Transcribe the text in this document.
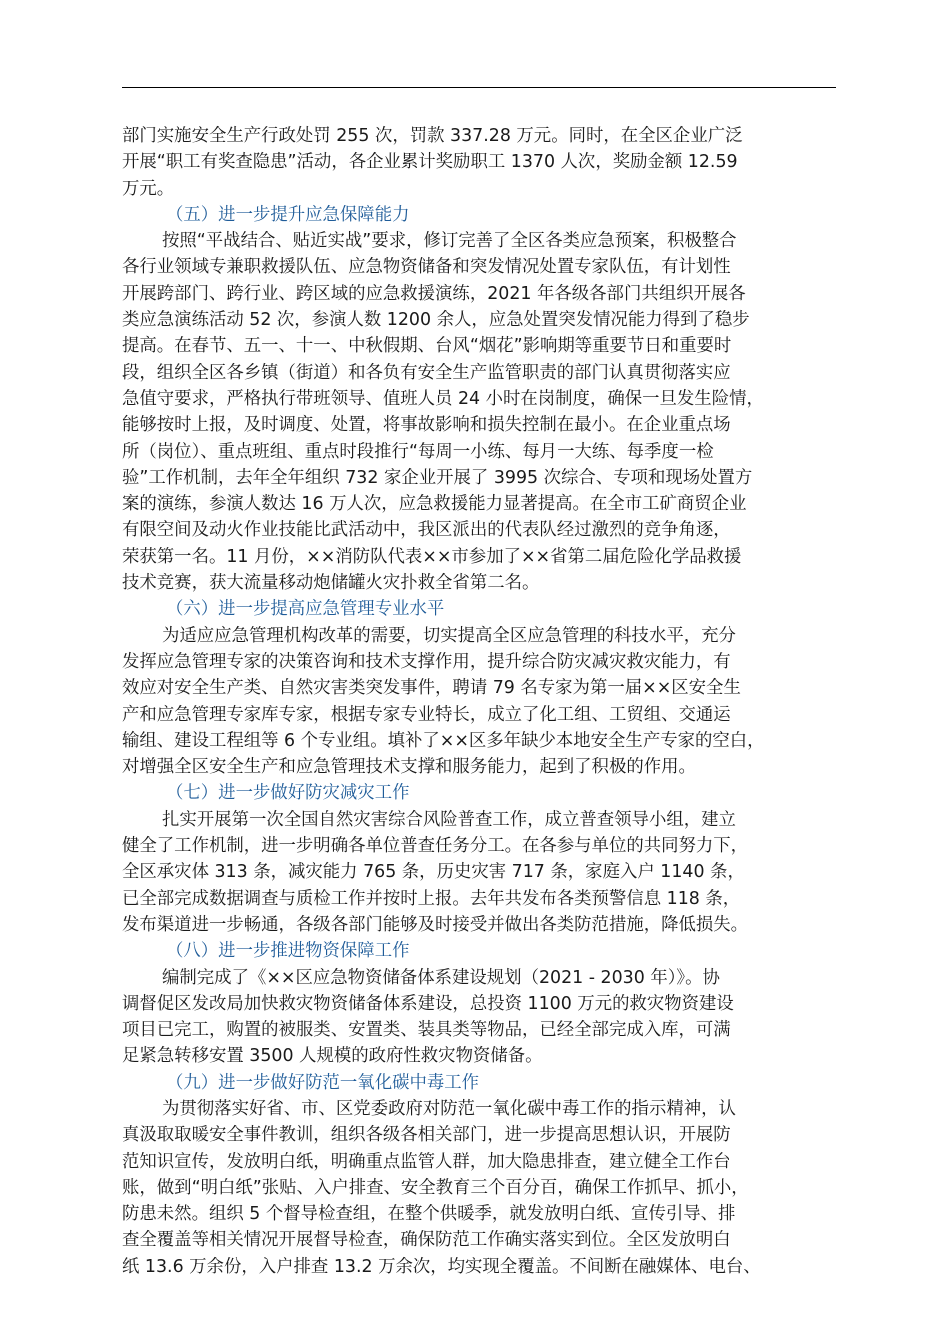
部门实施安全生产行政处罚 255 次，罚款 337.28 万元。同时，在全区企业广泛
开展“职工有奖查隐患”活动，各企业累计奖励职工 1370 人次，奖励金额 12.59
万元。
（五）进一步提升应急保障能力
按照“平战结合、贴近实战”要求，修订完善了全区各类应急预案，积极整合
各行业领域专兼职救援队伍、应急物资储备和突发情况处置专家队伍，有计划性
开展跨部门、跨行业、跨区域的应急救援演练，2021 年各级各部门共组织开展各
类应急演练活动 52 次，参演人数 1200 余人，应急处置突发情况能力得到了稳步
提高。在春节、五一、十一、中秋假期、台风“烟花”影响期等重要节日和重要时
段，组织全区各乡镇（街道）和各负有安全生产监管职责的部门认真贯彻落实应
急值守要求，严格执行带班领导、值班人员 24 小时在岗制度，确保一旦发生险情，
能够按时上报，及时调度、处置，将事故影响和损失控制在最小。在企业重点场
所（岗位）、重点班组、重点时段推行“每周一小练、每月一大练、每季度一检
验”工作机制，去年全年组织 732 家企业开展了 3995 次综合、专项和现场处置方
案的演练，参演人数达 16 万人次，应急救援能力显著提高。在全市工矿商贸企业
有限空间及动火作业技能比武活动中，我区派出的代表队经过激烈的竞争角逐，
荣获第一名。11 月份，××消防队代表××市参加了××省第二届危险化学品救援
技术竞赛，获大流量移动炮储罐火灾扑救全省第二名。
（六）进一步提高应急管理专业水平
为适应应急管理机构改革的需要，切实提高全区应急管理的科技水平，充分
发挥应急管理专家的决策咨询和技术支撑作用，提升综合防灾减灾救灾能力，有
效应对安全生产类、自然灾害类突发事件，聘请 79 名专家为第一届××区安全生
产和应急管理专家库专家，根据专家专业特长，成立了化工组、工贸组、交通运
输组、建设工程组等 6 个专业组。填补了××区多年缺少本地安全生产专家的空白，
对增强全区安全生产和应急管理技术支撑和服务能力，起到了积极的作用。
（七）进一步做好防灾减灾工作
扎实开展第一次全国自然灾害综合风险普查工作，成立普查领导小组，建立
健全了工作机制，进一步明确各单位普查任务分工。在各参与单位的共同努力下，
全区承灾体 313 条，减灾能力 765 条，历史灾害 717 条，家庭入户 1140 条，
已全部完成数据调查与质检工作并按时上报。去年共发布各类预警信息 118 条，
发布渠道进一步畅通，各级各部门能够及时接受并做出各类防范措施，降低损失。
（八）进一步推进物资保障工作
编制完成了《××区应急物资储备体系建设规划（2021 - 2030 年）》。协
调督促区发改局加快救灾物资储备体系建设，总投资 1100 万元的救灾物资建设
项目已完工，购置的被服类、安置类、装具类等物品，已经全部完成入库，可满
足紧急转移安置 3500 人规模的政府性救灾物资储备。
（九）进一步做好防范一氧化碳中毒工作
为贯彻落实好省、市、区党委政府对防范一氧化碳中毒工作的指示精神，认
真汲取取暖安全事件教训，组织各级各相关部门，进一步提高思想认识，开展防
范知识宣传，发放明白纸，明确重点监管人群，加大隐患排查，建立健全工作台
账，做到“明白纸”张贴、入户排查、安全教育三个百分百，确保工作抓早、抓小，
防患未然。组织 5 个督导检查组，在整个供暖季，就发放明白纸、宣传引导、排
查全覆盖等相关情况开展督导检查，确保防范工作确实落实到位。全区发放明白
纸 13.6 万余份，入户排查 13.2 万余次，均实现全覆盖。不间断在融媒体、电台、
